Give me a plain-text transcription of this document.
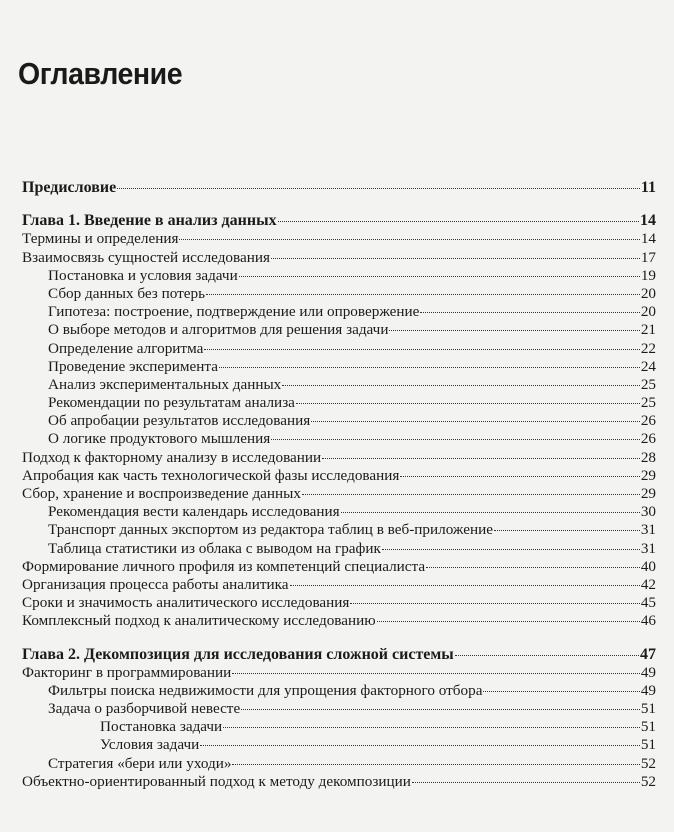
Оглавление
Предисловие	11
Глава 1. Введение в анализ данных	14
Термины и определения	14
Взаимосвязь сущностей исследования	17
Постановка и условия задачи	19
Сбор данных без потерь	20
Гипотеза: построение, подтверждение или опровержение	20
О выборе методов и алгоритмов для решения задачи	21
Определение алгоритма	22
Проведение эксперимента	24
Анализ экспериментальных данных	25
Рекомендации по результатам анализа	25
Об апробации результатов исследования	26
О логике продуктового мышления	26
Подход к факторному анализу в исследовании	28
Апробация как часть технологической фазы исследования	29
Сбор, хранение и воспроизведение данных	29
Рекомендация вести календарь исследования	30
Транспорт данных экспортом из редактора таблиц в веб-приложение	31
Таблица статистики из облака с выводом на график	31
Формирование личного профиля из компетенций специалиста	40
Организация процесса работы аналитика	42
Сроки и значимость аналитического исследования	45
Комплексный подход к аналитическому исследованию	46
Глава 2. Декомпозиция для исследования сложной системы	47
Факторинг в программировании	49
Фильтры поиска недвижимости для упрощения факторного отбора	49
Задача о разборчивой невесте	51
Постановка задачи	51
Условия задачи	51
Стратегия «бери или уходи»	52
Объектно-ориентированный подход к методу декомпозиции	52
